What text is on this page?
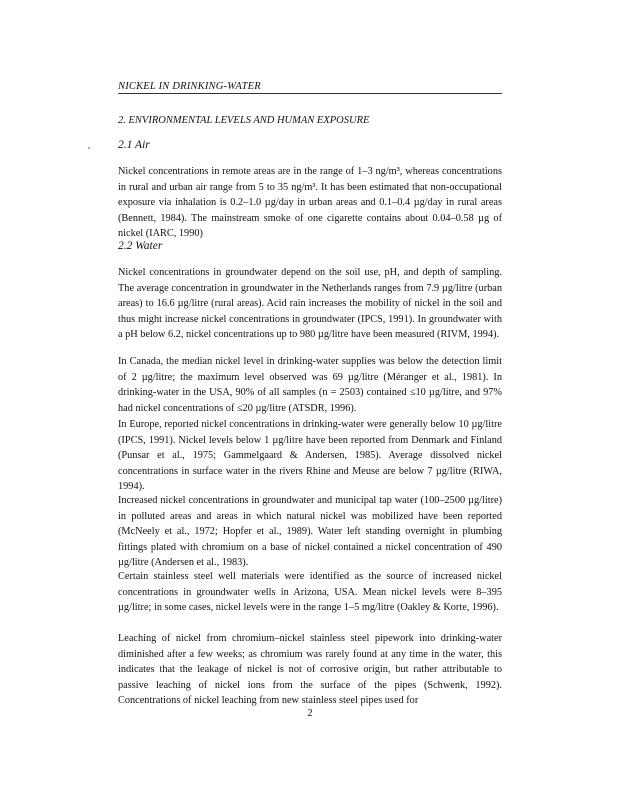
NICKEL IN DRINKING-WATER
2. ENVIRONMENTAL LEVELS AND HUMAN EXPOSURE
2.1 Air
Nickel concentrations in remote areas are in the range of 1–3 ng/m³, whereas concentrations in rural and urban air range from 5 to 35 ng/m³. It has been estimated that non-occupational exposure via inhalation is 0.2–1.0 µg/day in urban areas and 0.1–0.4 µg/day in rural areas (Bennett, 1984). The mainstream smoke of one cigarette contains about 0.04–0.58 µg of nickel (IARC, 1990)
2.2 Water
Nickel concentrations in groundwater depend on the soil use, pH, and depth of sampling. The average concentration in groundwater in the Netherlands ranges from 7.9 µg/litre (urban areas) to 16.6 µg/litre (rural areas). Acid rain increases the mobility of nickel in the soil and thus might increase nickel concentrations in groundwater (IPCS, 1991). In groundwater with a pH below 6.2, nickel concentrations up to 980 µg/litre have been measured (RIVM, 1994).
In Canada, the median nickel level in drinking-water supplies was below the detection limit of 2 µg/litre; the maximum level observed was 69 µg/litre (Méranger et al., 1981). In drinking-water in the USA, 90% of all samples (n = 2503) contained ≤10 µg/litre, and 97% had nickel concentrations of ≤20 µg/litre (ATSDR, 1996).
In Europe, reported nickel concentrations in drinking-water were generally below 10 µg/litre (IPCS, 1991). Nickel levels below 1 µg/litre have been reported from Denmark and Finland (Punsar et al., 1975; Gammelgaard & Andersen, 1985). Average dissolved nickel concentrations in surface water in the rivers Rhine and Meuse are below 7 µg/litre (RIWA, 1994).
Increased nickel concentrations in groundwater and municipal tap water (100–2500 µg/litre) in polluted areas and areas in which natural nickel was mobilized have been reported (McNeely et al., 1972; Hopfer et al., 1989). Water left standing overnight in plumbing fittings plated with chromium on a base of nickel contained a nickel concentration of 490 µg/litre (Andersen et al., 1983).
Certain stainless steel well materials were identified as the source of increased nickel concentrations in groundwater wells in Arizona, USA. Mean nickel levels were 8–395 µg/litre; in some cases, nickel levels were in the range 1–5 mg/litre (Oakley & Korte, 1996).
Leaching of nickel from chromium–nickel stainless steel pipework into drinking-water diminished after a few weeks; as chromium was rarely found at any time in the water, this indicates that the leakage of nickel is not of corrosive origin, but rather attributable to passive leaching of nickel ions from the surface of the pipes (Schwenk, 1992). Concentrations of nickel leaching from new stainless steel pipes used for
2
